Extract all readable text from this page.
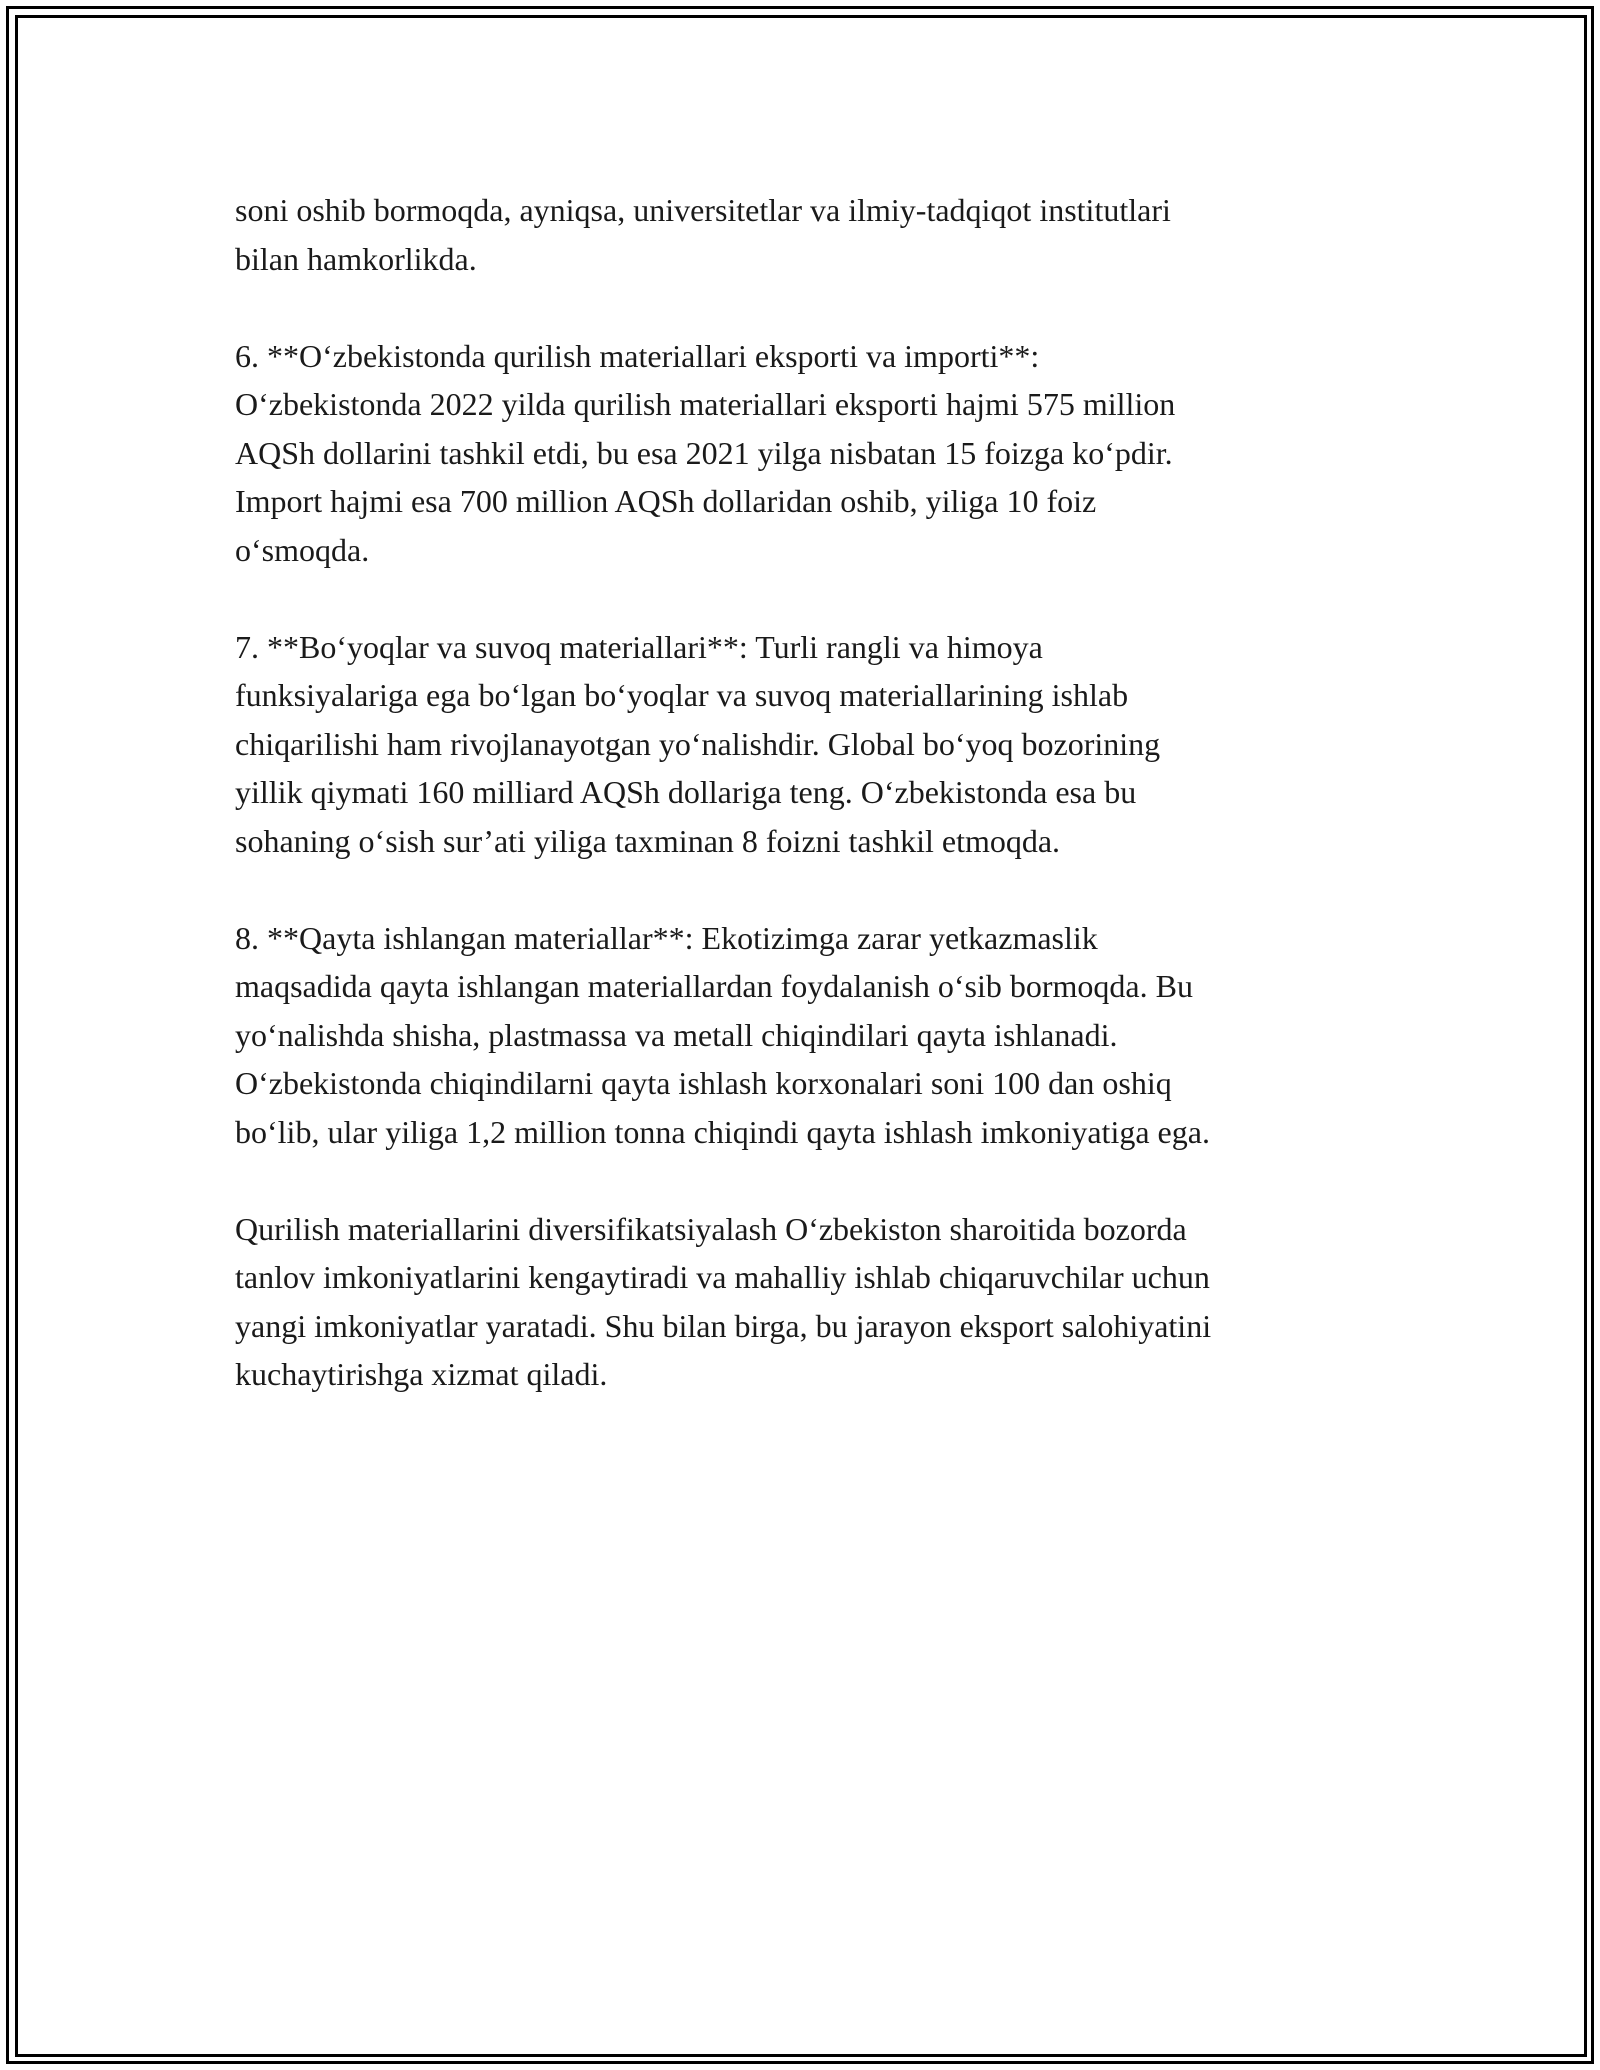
soni oshib bormoqda, ayniqsa, universitetlar va ilmiy-tadqiqot institutlari
bilan hamkorlikda.

6. **O‘zbekistonda qurilish materiallari eksporti va importi**:
O‘zbekistonda 2022 yilda qurilish materiallari eksporti hajmi 575 million
AQSh dollarini tashkil etdi, bu esa 2021 yilga nisbatan 15 foizga ko‘pdir.
Import hajmi esa 700 million AQSh dollaridan oshib, yiliga 10 foiz
o‘smoqda.

7. **Bo‘yoqlar va suvoq materiallari**: Turli rangli va himoya
funksiyalariga ega bo‘lgan bo‘yoqlar va suvoq materiallarining ishlab
chiqarilishi ham rivojlanayotgan yo‘nalishdir. Global bo‘yoq bozorining
yillik qiymati 160 milliard AQSh dollariga teng. O‘zbekistonda esa bu
sohaning o‘sish sur’ati yiliga taxminan 8 foizni tashkil etmoqda.

8. **Qayta ishlangan materiallar**: Ekotizimga zarar yetkazmaslik
maqsadida qayta ishlangan materiallardan foydalanish o‘sib bormoqda. Bu
yo‘nalishda shisha, plastmassa va metall chiqindilari qayta ishlanadi.
O‘zbekistonda chiqindilarni qayta ishlash korxonalari soni 100 dan oshiq
bo‘lib, ular yiliga 1,2 million tonna chiqindi qayta ishlash imkoniyatiga ega.

Qurilish materiallarini diversifikatsiyalash O‘zbekiston sharoitida bozorda
tanlov imkoniyatlarini kengaytiradi va mahalliy ishlab chiqaruvchilar uchun
yangi imkoniyatlar yaratadi. Shu bilan birga, bu jarayon eksport salohiyatini
kuchaytirishga xizmat qiladi.
